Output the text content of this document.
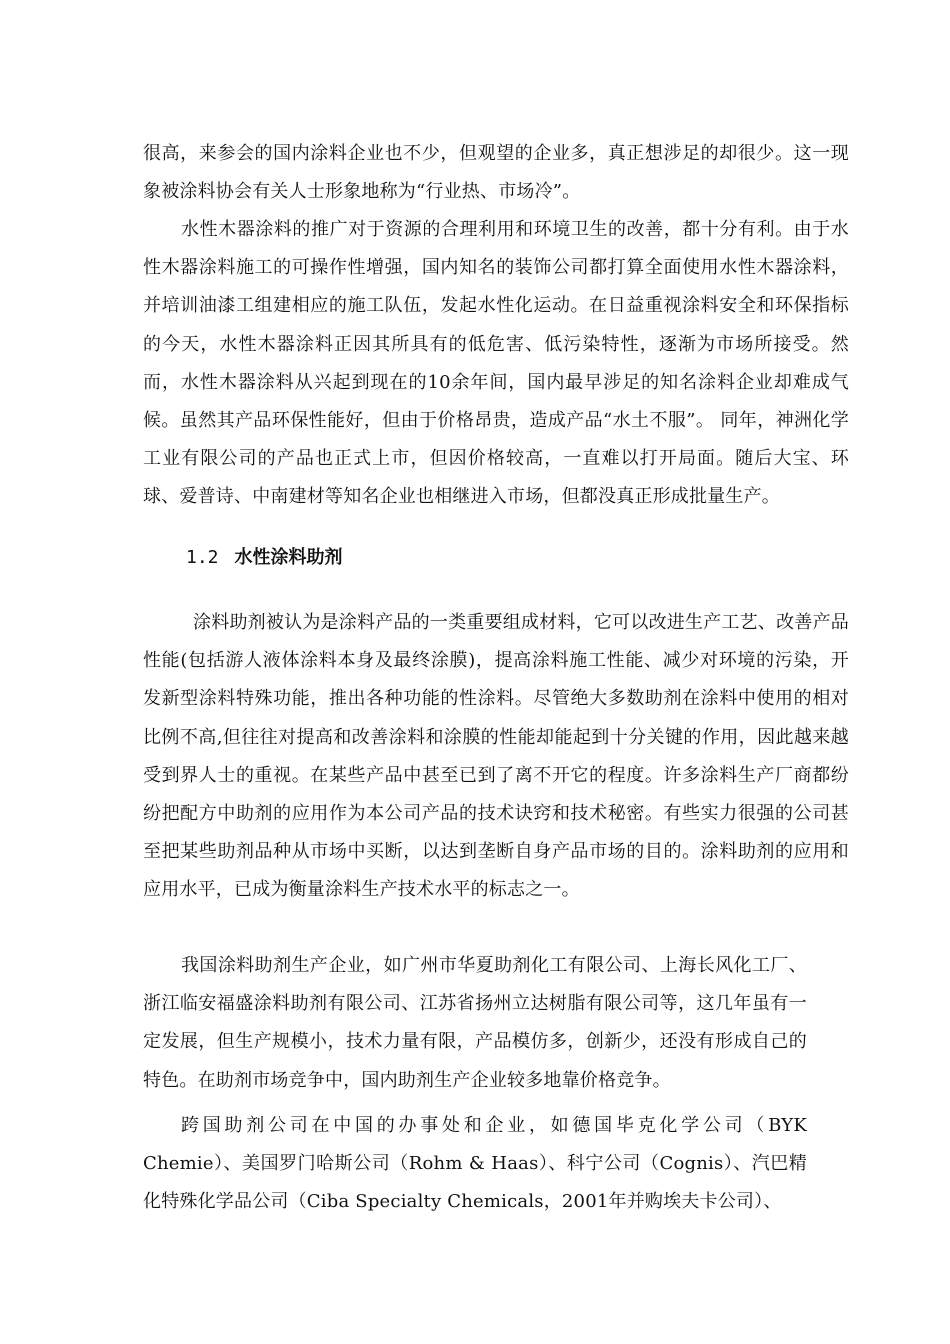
很高，来参会的国内涂料企业也不少，但观望的企业多，真正想涉足的却很少。这一现象被涂料协会有关人士形象地称为“行业热、市场冷”。

水性木器涂料的推广对于资源的合理利用和环境卫生的改善，都十分有利。由于水性木器涂料施工的可操作性增强，国内知名的装饰公司都打算全面使用水性木器涂料，并培训油漆工组建相应的施工队伍，发起水性化运动。在日益重视涂料安全和环保指标的今天，水性木器涂料正因其所具有的低危害、低污染特性，逐渐为市场所接受。然而，水性木器涂料从兴起到现在的10余年间，国内最早涉足的知名涂料企业却难成气候。虽然其产品环保性能好，但由于价格昂贵，造成产品“水土不服”。 同年，神洲化学工业有限公司的产品也正式上市，但因价格较高，一直难以打开局面。随后大宝、环球、爱普诗、中南建材等知名企业也相继进入市场，但都没真正形成批量生产。

1.2 水性涂料助剂

涂料助剂被认为是涂料产品的一类重要组成材料，它可以改进生产工艺、改善产品性能(包括游人液体涂料本身及最终涂膜)，提高涂料施工性能、减少对环境的污染，开发新型涂料特殊功能，推出各种功能的性涂料。尽管绝大多数助剂在涂料中使用的相对比例不高,但往往对提高和改善涂料和涂膜的性能却能起到十分关键的作用，因此越来越受到界人士的重视。在某些产品中甚至已到了离不开它的程度。许多涂料生产厂商都纷纷把配方中助剂的应用作为本公司产品的技术诀窍和技术秘密。有些实力很强的公司甚至把某些助剂品种从市场中买断，以达到垄断自身产品市场的目的。涂料助剂的应用和应用水平，已成为衡量涂料生产技术水平的标志之一。

我国涂料助剂生产企业，如广州市华夏助剂化工有限公司、上海长风化工厂、浙江临安福盛涂料助剂有限公司、江苏省扬州立达树脂有限公司等，这几年虽有一定发展，但生产规模小，技术力量有限，产品模仿多，创新少，还没有形成自己的特色。在助剂市场竞争中，国内助剂生产企业较多地靠价格竞争。

跨国助剂公司在中国的办事处和企业，如德国毕克化学公司（BYK Chemie）、美国罗门哈斯公司（Rohm & Haas）、科宁公司（Cognis）、汽巴精化特殊化学品公司（Ciba Specialty Chemicals，2001年并购埃夫卡公司）、
